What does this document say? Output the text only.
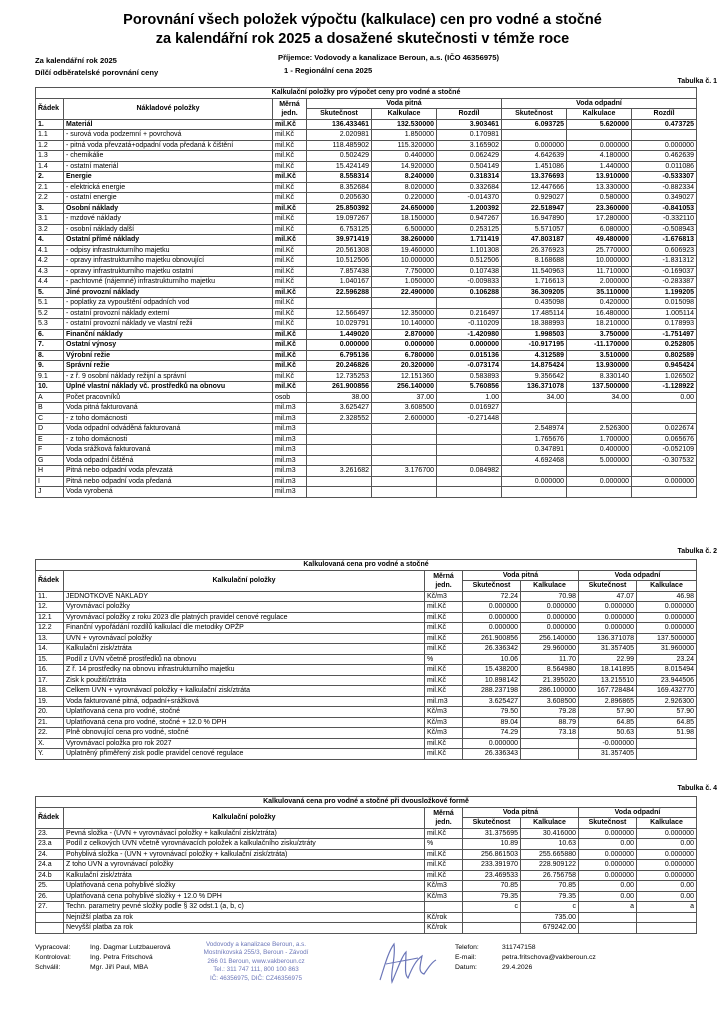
Porovnání všech položek výpočtu (kalkulace) cen pro vodné a stočné
za kalendářní rok 2025 a dosažené skutečnosti v témže roce
Za kalendářní rok 2025
Dílčí odběratelské porovnání ceny
Příjemce: Vodovody a kanalizace Beroun, a.s. (IČO 46356975)
1 - Regionální cena 2025
Tabulka č. 1
Kalkulační položky pro výpočet ceny pro vodné a stočné								
Řádek	Nákladové položky	Měrná jedn.	Voda pitná			Voda odpadní		
			Skutečnost	Kalkulace	Rozdíl	Skutečnost	Kalkulace	Rozdíl
1.	Materiál	mil.Kč	136.433461	132.530000	3.903461	6.093725	5.620000	0.473725
1.1	- surová voda podzemní + povrchová	mil.Kč	2.020981	1.850000	0.170981			
1.2	- pitná voda převzatá+odpadní voda předaná k čištění	mil.Kč	118.485902	115.320000	3.165902	0.000000	0.000000	0.000000
1.3	- chemikálie	mil.Kč	0.502429	0.440000	0.062429	4.642639	4.180000	0.462639
1.4	- ostatní materiál	mil.Kč	15.424149	14.920000	0.504149	1.451086	1.440000	0.011086
2.	Energie	mil.Kč	8.558314	8.240000	0.318314	13.376693	13.910000	-0.533307
2.1	- elektrická energie	mil.Kč	8.352684	8.020000	0.332684	12.447666	13.330000	-0.882334
2.2	- ostatní energie	mil.Kč	0.205630	0.220000	-0.014370	0.929027	0.580000	0.349027
3.	Osobní náklady	mil.Kč	25.850392	24.650000	1.200392	22.518947	23.360000	-0.841053
3.1	- mzdové náklady	mil.Kč	19.097267	18.150000	0.947267	16.947890	17.280000	-0.332110
3.2	- osobní náklady další	mil.Kč	6.753125	6.500000	0.253125	5.571057	6.080000	-0.508943
4.	Ostatní přímé náklady	mil.Kč	39.971419	38.260000	1.711419	47.803187	49.480000	-1.676813
4.1	- odpisy infrastrukturního majetku	mil.Kč	20.561308	19.460000	1.101308	26.376923	25.770000	0.606923
4.2	- opravy infrastrukturního majetku obnovující	mil.Kč	10.512506	10.000000	0.512506	8.168688	10.000000	-1.831312
4.3	- opravy infrastrukturního majetku ostatní	mil.Kč	7.857438	7.750000	0.107438	11.540963	11.710000	-0.169037
4.4	- pachtovné (nájemné) infrastrukturního majetku	mil.Kč	1.040167	1.050000	-0.009833	1.716613	2.000000	-0.283387
5.	Jiné provozní náklady	mil.Kč	22.596288	22.490000	0.106288	36.309205	35.110000	1.199205
5.1	- poplatky za vypouštění odpadních vod	mil.Kč				0.435098	0.420000	0.015098
5.2	- ostatní provozní náklady externí	mil.Kč	12.566497	12.350000	0.216497	17.485114	16.480000	1.005114
5.3	- ostatní provozní náklady ve vlastní režii	mil.Kč	10.029791	10.140000	-0.110209	18.388993	18.210000	0.178993
6.	Finanční náklady	mil.Kč	1.449020	2.870000	-1.420980	1.998503	3.750000	-1.751497
7.	Ostatní výnosy	mil.Kč	0.000000	0.000000	0.000000	-10.917195	-11.170000	0.252805
8.	Výrobní režie	mil.Kč	6.795136	6.780000	0.015136	4.312589	3.510000	0.802589
9.	Správní režie	mil.Kč	20.246826	20.320000	-0.073174	14.875424	13.930000	0.945424
9.1	- z ř. 9 osobní náklady režijní a správní	mil.Kč	12.735253	12.151360	0.583893	9.356642	8.330140	1.026502
10.	Úplné vlastní náklady vč. prostředků na obnovu	mil.Kč	261.900856	256.140000	5.760856	136.371078	137.500000	-1.128922
A	Počet pracovníků	osob	38.00	37.00	1.00	34.00	34.00	0.00
B	Voda pitná fakturovaná	mil.m3	3.625427	3.608500	0.016927			
C	- z toho domácnosti	mil.m3	2.328552	2.600000	-0.271448			
D	Voda odpadní odváděná fakturovaná	mil.m3				2.548974	2.526300	0.022674
E	- z toho domácnosti	mil.m3				1.765676	1.700000	0.065676
F	Voda srážková fakturovaná	mil.m3				0.347891	0.400000	-0.052109
G	Voda odpadní čištěná	mil.m3				4.692468	5.000000	-0.307532
H	Pitná nebo odpadní voda převzatá	mil.m3	3.261682	3.176700	0.084982			
I	Pitná nebo odpadní voda předaná	mil.m3				0.000000	0.000000	0.000000
J	Voda vyrobená	mil.m3						
Tabulka č. 2
Kalkulovaná cena pro vodné a stočné						
Řádek	Kalkulační položky	Měrná jedn.	Voda pitná		Voda odpadní	
			Skutečnost	Kalkulace	Skutečnost	Kalkulace
11.	JEDNOTKOVÉ NÁKLADY	Kč/m3	72.24	70.98	47.07	46.98
12.	Vyrovnávací položky	mil.Kč	0.000000	0.000000	0.000000	0.000000
12.1	Vyrovnávací položky z roku 2023 dle platných pravidel cenové regulace	mil.Kč	0.000000	0.000000	0.000000	0.000000
12.2	Finanční vypořádání rozdílů kalkulací dle metodiky OPŽP	mil.Kč	0.000000	0.000000	0.000000	0.000000
13.	ÚVN + vyrovnávací položky	mil.Kč	261.900856	256.140000	136.371078	137.500000
14.	Kalkulační zisk/ztráta	mil.Kč	26.336342	29.960000	31.357405	31.960000
15.	Podíl z ÚVN včetně prostředků na obnovu	%	10.06	11.70	22.99	23.24
16.	Z ř. 14 prostředky na obnovu infrastrukturního majetku	mil.Kč	15.438200	8.564980	18.141895	8.015494
17.	Zisk k použití/ztráta	mil.Kč	10.898142	21.395020	13.215510	23.944506
18.	Celkem ÚVN + vyrovnávací položky + kalkulační zisk/ztráta	mil.Kč	288.237198	286.100000	167.728484	169.432770
19.	Voda fakturované pitná, odpadní+srážková	mil.m3	3.625427	3.608500	2.896865	2.926300
20.	Uplatňovaná cena pro vodné, stočné	Kč/m3	79.50	79.28	57.90	57.90
21.	Uplatňovaná cena pro vodné, stočné + 12.0 % DPH	Kč/m3	89.04	88.79	64.85	64.85
22.	Plně obnovující cena pro vodné, stočné	Kč/m3	74.29	73.18	50.63	51.98
X.	Vyrovnávací položka pro rok 2027	mil.Kč	0.000000		-0.000000	
Y.	Uplatněný přiměřený zisk podle pravidel cenové regulace	mil.Kč	26.336343		31.357405	
Tabulka č. 4
Kalkulovaná cena pro vodné a stočné při dvousložkové formě						
Řádek	Kalkulační položky	Měrná jedn.	Voda pitná		Voda odpadní	
			Skutečnost	Kalkulace	Skutečnost	Kalkulace
23.	Pevná složka - (ÚVN + vyrovnávací položky + kalkulační zisk/ztráta)	mil.Kč	31.375695	30.416000	0.000000	0.000000
23.a	Podíl z celkových ÚVN včetně vyrovnávacích položek a kalkulačního zisku/ztráty	%	10.89	10.63	0.00	0.00
24.	Pohyblivá složka - (ÚVN + vyrovnávací položky + kalkulační zisk/ztráta)	mil.Kč	256.861503	255.665880	0.000000	0.000000
24.a	Z toho ÚVN a vyrovnávací položky	mil.Kč	233.391970	228.909122	0.000000	0.000000
24.b	Kalkulační zisk/ztráta	mil.Kč	23.469533	26.756758	0.000000	0.000000
25.	Uplatňovaná cena pohyblivé složky	Kč/m3	70.85	70.85	0.00	0.00
26.	Uplatňovaná cena pohyblivé složky + 12.0 % DPH	Kč/m3	79.35	79.35	0.00	0.00
27.	Techn. parametry pevné složky podle § 32 odst.1 (a, b, c)		c	c	a	a
	Nejnižší platba za rok	Kč/rok		735.00		
	Nevyšší platba za rok	Kč/rok		679242.00		
Vypracoval:	Ing. Dagmar Lutzbauerová
Kontroloval:	Ing. Petra Fritschová
Schválil:	Mgr. Jiří Paul, MBA
Telefon:	311747158
E-mail:	petra.fritschova@vakberoun.cz
Datum:	29.4.2026
Vodovody a kanalizace Beroun, a.s.
Mostníkovská 255/3, Beroun - Závodí
266 01 Beroun, www.vakberoun.cz
Tel.: 311 747 111, 800 100 863
IČ: 46356975, DIČ: CZ46356975
